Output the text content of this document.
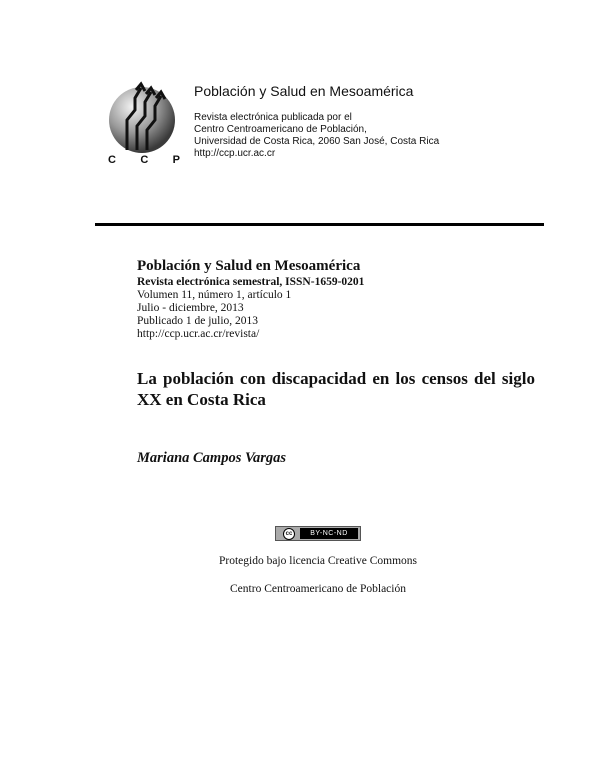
C C P
Población y Salud en Mesoamérica
Revista electrónica publicada por el
Centro Centroamericano de Población,
Universidad de Costa Rica, 2060 San José, Costa Rica
http://ccp.ucr.ac.cr
Población y Salud en Mesoamérica
Revista electrónica semestral, ISSN-1659-0201
Volumen 11, número 1, artículo 1
Julio - diciembre, 2013
Publicado 1 de julio, 2013
http://ccp.ucr.ac.cr/revista/
La población con discapacidad en los censos del siglo XX en Costa Rica
Mariana Campos Vargas
cc	BY-NC-ND
Protegido bajo licencia Creative Commons
Centro Centroamericano de Población
